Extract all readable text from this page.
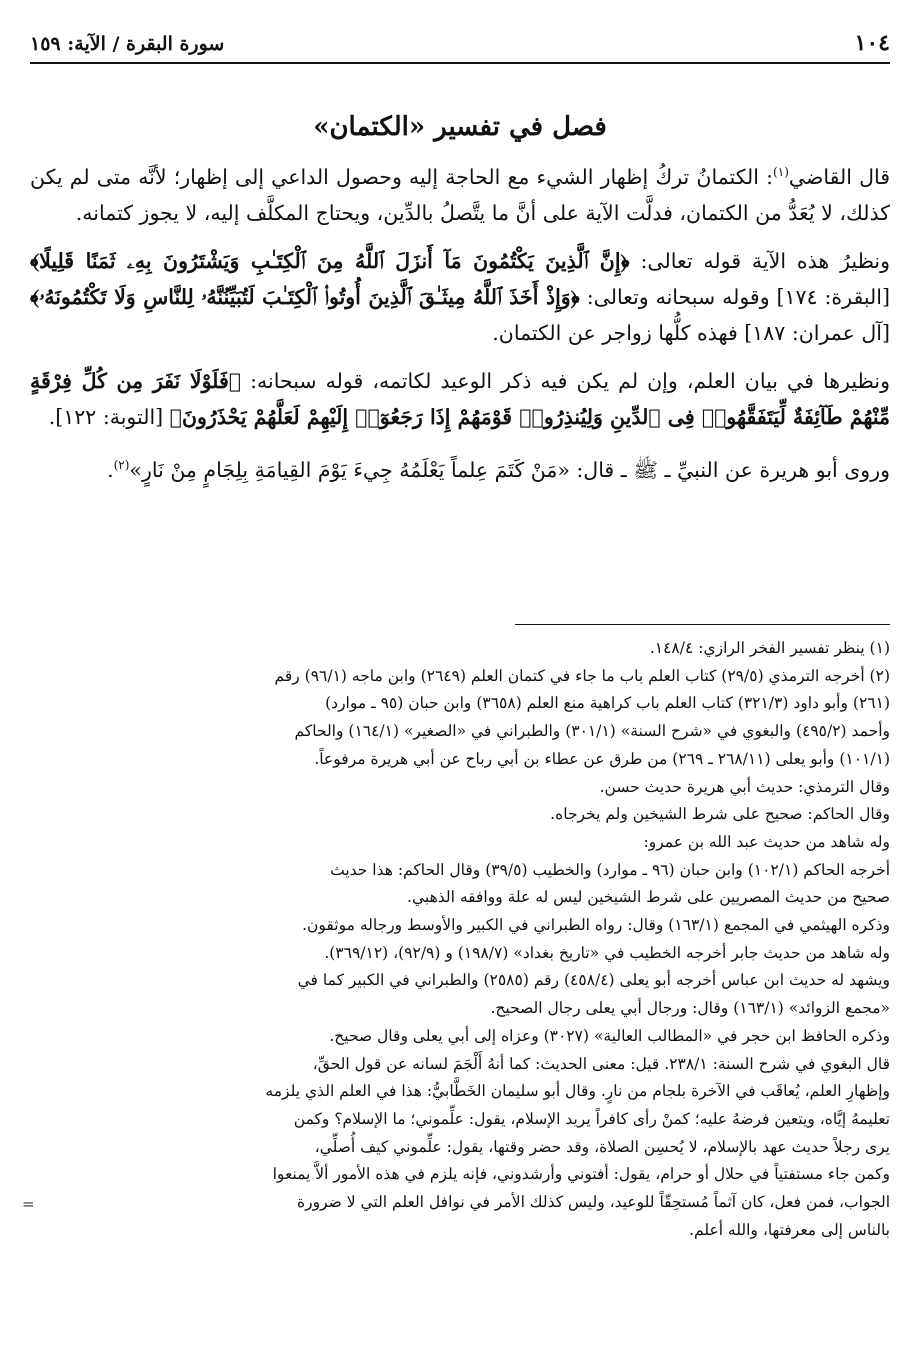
١٠٤
سورة البقرة / الآية: ١٥٩
فصل في تفسير «الكتمان»

قال القاضي$^{(١)}$: الكتمانُ تركُ إظهار الشيء مع الحاجة إليه وحصول الداعي إلى إظهار؛ لأنَّه متى لم يكن كذلك، لا يُعَدُّ من الكتمان، فدلَّت الآية على أنَّ ما يتَّصلُ بالدِّين، ويحتاج المكلَّف إليه، لا يجوز كتمانه.

ونظيرُ هذه الآية قوله تعالى: ﴿إِنَّ ٱلَّذِينَ يَكْتُمُونَ مَآ أَنزَلَ ٱللَّهُ مِنَ ٱلْكِتَـٰبِ وَيَشْتَرُونَ بِهِۦ ثَمَنًا قَلِيلًا﴾ [البقرة: ١٧٤] وقوله سبحانه وتعالى: ﴿وَإِذْ أَخَذَ ٱللَّهُ مِيثَـٰقَ ٱلَّذِينَ أُوتُوا۟ ٱلْكِتَـٰبَ لَتُبَيِّنُنَّهُۥ لِلنَّاسِ وَلَا تَكْتُمُونَهُۥ﴾ [آل عمران: ١٨٧] فهذه كلُّها زواجر عن الكتمان.

ونظيرها في بيان العلم، وإن لم يكن فيه ذكر الوعيد لكاتمه، قوله سبحانه: ﴿فَلَوْلَا نَفَرَ مِن كُلِّ فِرْقَةٍ مِّنْهُمْ طَآئِفَةٌ لِّيَتَفَقَّهُوا۟ فِى ٱلدِّينِ وَلِيُنذِرُوا۟ قَوْمَهُمْ إِذَا رَجَعُوٓا۟ إِلَيْهِمْ لَعَلَّهُمْ يَحْذَرُونَ﴾ [التوبة: ١٢٢].

وروى أبو هريرة عن النبيِّ ـ ﷺ ـ قال: «مَنْ كَتَمَ عِلماً يَعْلَمُهُ جِيءَ يَوْمَ القِيامَةِ بِلِجَامٍ مِنْ نَارٍ»$^{(٢)}$.

(١) ينظر تفسير الفخر الرازي: ١٤٨/٤.

(٢) أخرجه الترمذي (٢٩/٥) كتاب العلم باب ما جاء في كتمان العلم (٢٦٤٩) وابن ماجه (٩٦/١) رقم

(٢٦١) وأبو داود (٣٢١/٣) كتاب العلم باب كراهية منع العلم (٣٦٥٨) وابن حبان (٩٥ ـ موارد)

وأحمد (٤٩٥/٢) والبغوي في «شرح السنة» (٣٠١/١) والطبراني في «الصغير» (١٦٤/١) والحاكم

(١٠١/١) وأبو يعلى (٢٦٨/١١ ـ ٢٦٩) من طرق عن عطاء بن أبي رباح عن أبي هريرة مرفوعاً.

وقال الترمذي: حديث أبي هريرة حديث حسن.

وقال الحاكم: صحيح على شرط الشيخين ولم يخرجاه.

وله شاهد من حديث عبد الله بن عمرو:

أخرجه الحاكم (١٠٢/١) وابن حبان (٩٦ ـ موارد) والخطيب (٣٩/٥) وقال الحاكم: هذا حديث

صحيح من حديث المصريين على شرط الشيخين ليس له علة ووافقه الذهبي.

وذكره الهيثمي في المجمع (١٦٣/١) وقال: رواه الطبراني في الكبير والأوسط ورجاله موثقون.

وله شاهد من حديث جابر أخرجه الخطيب في «تاريخ بغداد» (١٩٨/٧) و (٩٢/٩)، (٣٦٩/١٢).

ويشهد له حديث ابن عباس أخرجه أبو يعلى (٤٥٨/٤) رقم (٢٥٨٥) والطبراني في الكبير كما في

«مجمع الزوائد» (١٦٣/١) وقال: ورجال أبي يعلى رجال الصحيح.

وذكره الحافظ ابن حجر في «المطالب العالية» (٣٠٢٧) وعزاه إلى أبي يعلى وقال صحيح.

قال البغوي في شرح السنة: ٢٣٨/١. قيل: معنى الحديث: كما أنهُ أَلْجَمَ لسانه عن قول الحقِّ،

وإظهارِ العلم، يُعاقَب في الآخرة بلجام من نارٍ. وقال أبو سليمان الخَطَّابيُّ: هذا في العلم الذي يلزمه

تعليمهُ إيَّاه، ويتعين فرضهُ عليه؛ كمنْ رأى كافراً يريد الإسلام، يقول: علِّموني؛ ما الإسلام؟ وكمن

يرى رجلاً حديث عهد بالإسلام، لا يُحسِن الصلاة، وقد حضر وقتها، يقول: علِّموني كيف أُصلِّي،

وكمن جاء مستفتياً في حلال أو حرام، يقول: أفتوني وأرشدوني، فإنه يلزم في هذه الأمور ألاَّ يمنعوا

الجواب، فمن فعل، كان آثماً مُستحِقّاً للوعيد، وليس كذلك الأمر في نوافل العلم التي لا ضرورة

بالناس إلى معرفتها، والله أعلم.

=
